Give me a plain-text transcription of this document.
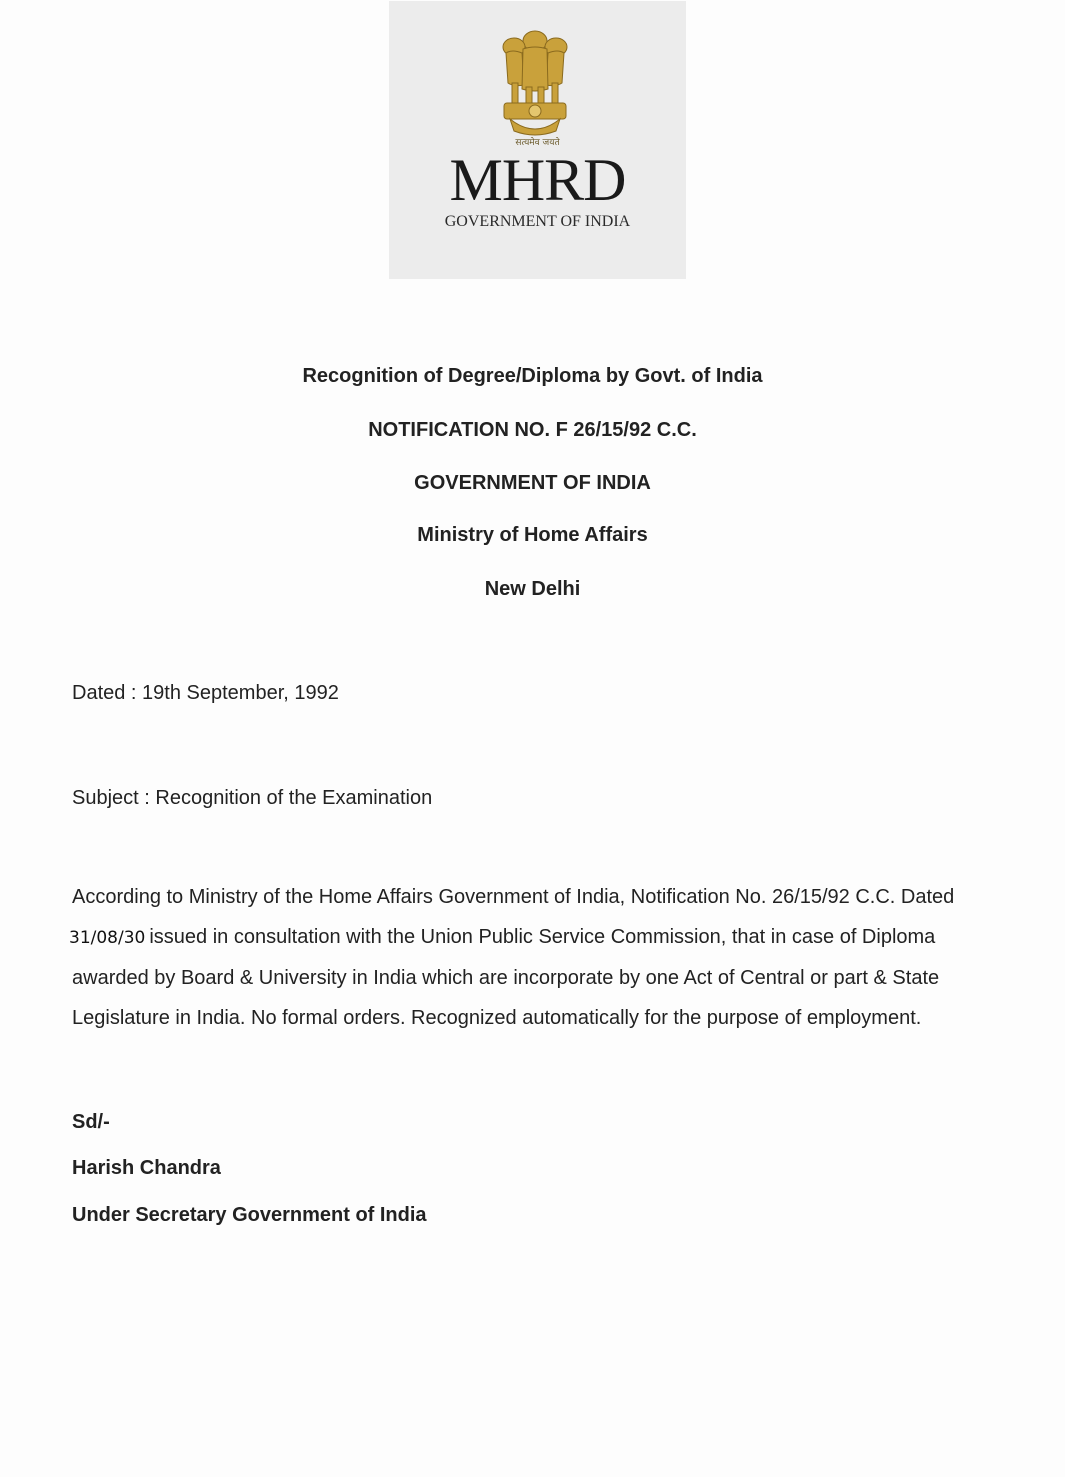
सत्यमेव जयते
MHRD
GOVERNMENT OF INDIA
Recognition of Degree/Diploma by Govt. of India
NOTIFICATION NO. F 26/15/92 C.C.
GOVERNMENT OF INDIA
Ministry of Home Affairs
New Delhi
Dated : 19th September, 1992
Subject : Recognition of the Examination
According to Ministry of the Home Affairs Government of India, Notification No. 26/15/92 C.C. Dated
31/08/30 issued in consultation with the Union Public Service Commission, that in case of Diploma
awarded by Board & University in India which are incorporate by one Act of Central or part & State
Legislature in India. No formal orders. Recognized automatically for the purpose of employment.
Sd/-
Harish Chandra
Under Secretary Government of India
